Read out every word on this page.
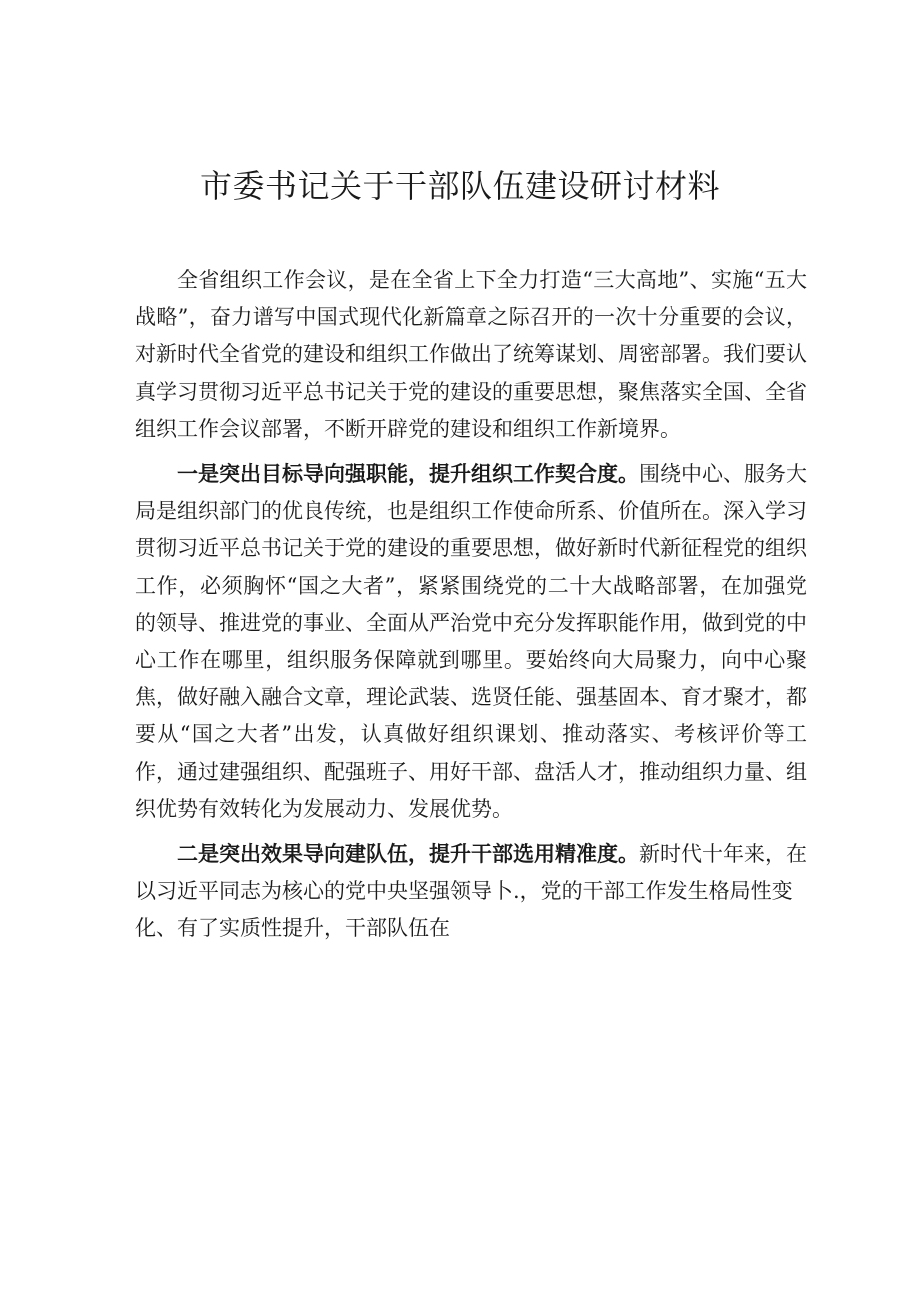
市委书记关于干部队伍建设研讨材料

全省组织工作会议，是在全省上下全力打造“三大高地”、实施“五大战略”，奋力谱写中国式现代化新篇章之际召开的一次十分重要的会议，对新时代全省党的建设和组织工作做出了统筹谋划、周密部署。我们要认真学习贯彻习近平总书记关于党的建设的重要思想，聚焦落实全国、全省组织工作会议部署，不断开辟党的建设和组织工作新境界。

一是突出目标导向强职能，提升组织工作契合度。围绕中心、服务大局是组织部门的优良传统，也是组织工作使命所系、价值所在。深入学习贯彻习近平总书记关于党的建设的重要思想，做好新时代新征程党的组织工作，必须胸怀“国之大者”，紧紧围绕党的二十大战略部署，在加强党的领导、推进党的事业、全面从严治党中充分发挥职能作用，做到党的中心工作在哪里，组织服务保障就到哪里。要始终向大局聚力，向中心聚焦，做好融入融合文章，理论武装、选贤任能、强基固本、育才聚才，都要从“国之大者”出发，认真做好组织课划、推动落实、考核评价等工作，通过建强组织、配强班子、用好干部、盘活人才，推动组织力量、组织优势有效转化为发展动力、发展优势。

二是突出效果导向建队伍，提升干部选用精准度。新时代十年来，在以习近平同志为核心的党中央坚强领导卜.，党的干部工作发生格局性变化、有了实质性提升，干部队伍在
